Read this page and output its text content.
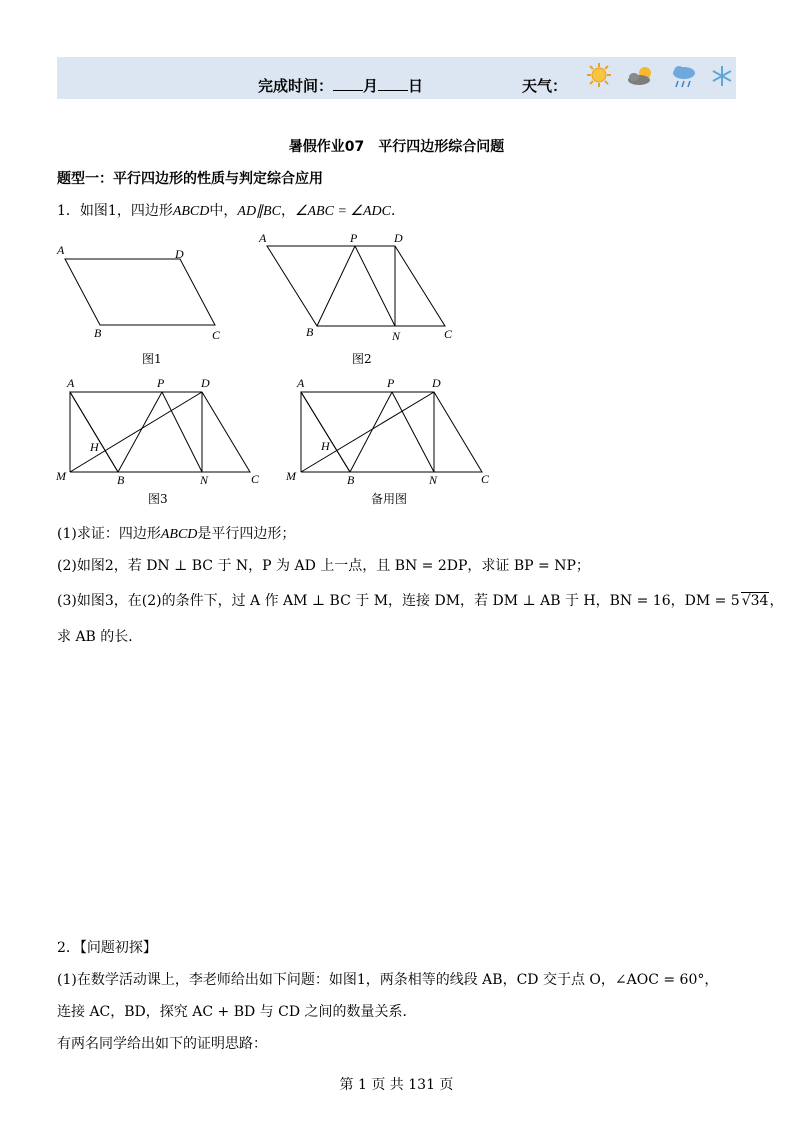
完成时间： 月 日	天气：
暑假作业07　平行四边形综合问题
题型一：平行四边形的性质与判定综合应用
1．如图1，四边形ABCD中，AD∥BC，∠ABC = ∠ADC．
A	D
B	C
图1
A	P	D
B	N	C
图2
A	P	D
H
M	B	N	C
图3
A	P	D
H
M	B	N	C
备用图
(1)求证：四边形ABCD是平行四边形；
(2)如图2，若 DN ⊥ BC 于 N，P 为 AD 上一点，且 BN = 2DP，求证 BP = NP；
(3)如图3，在(2)的条件下，过 A 作 AM ⊥ BC 于 M，连接 DM，若 DM ⊥ AB 于 H，BN = 16，DM = 5 √34，
求 AB 的长．
2．【问题初探】
(1)在数学活动课上，李老师给出如下问题：如图1，两条相等的线段 AB，CD 交于点 O，∠AOC = 60°，
连接 AC，BD，探究 AC + BD 与 CD 之间的数量关系．
有两名同学给出如下的证明思路：
第 1 页 共 131 页
